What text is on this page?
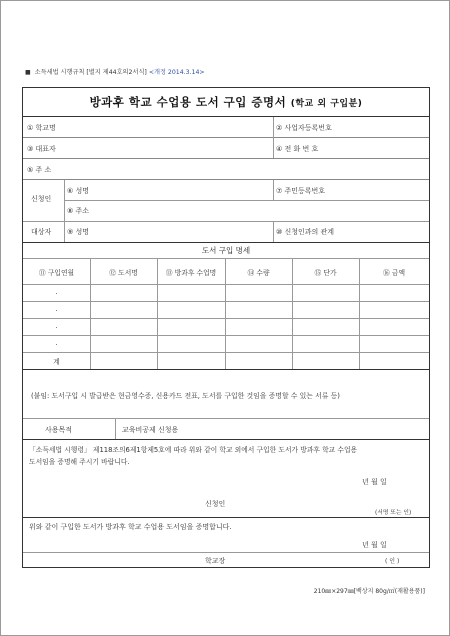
■ 소득세법 시행규칙 [별지 제44호의2서식] <개정 2014.3.14>
방과후 학교 수업용 도서 구입 증명서 (학교 외 구입분)
① 학교명	② 사업자등록번호
③ 대표자	④ 전 화 번 호
⑤ 주 소
신청인
⑥ 성명	⑦ 주민등록번호
⑧ 주소
대상자 ⑨ 성명	⑩ 신청인과의 관계
도서 구입 명세
⑪ 구입연월	⑫ 도서명	⑬ 방과후 수업명	⑭ 수량	⑮ 단가	⑯ 금액
.
.
.
.
계
(붙임: 도서구입 시 발급받은 현금영수증, 신용카드 전표, 도서를 구입한 것임을 증명할 수 있는 서류 등)
사용목적	교육비공제 신청용
「소득세법 시행령」 제118조의6제1항제5호에 따라 위와 같이 학교 외에서 구입한 도서가 방과후 학교 수업용
도서임을 증명해 주시기 바랍니다.
년 월 일
신청인
(서명 또는 인)
위와 같이 구입한 도서가 방과후 학교 수업용 도서임을 증명합니다.
년 월 일
학교장	( 인 )
210㎜×297㎜[백상지 80g/㎡(재활용품)]
